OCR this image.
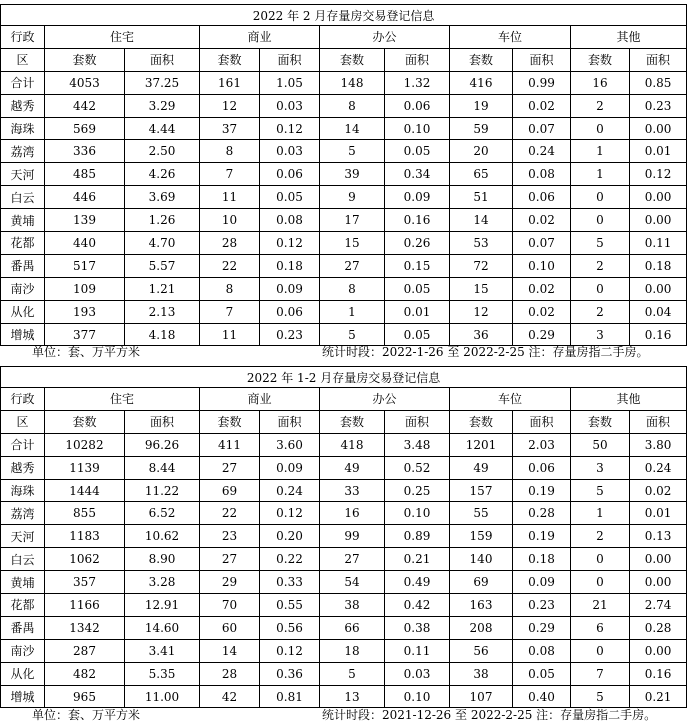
2022 年 2 月存量房交易登记信息										
行政	住宅		商业		办公		车位		其他	
区	套数	面积	套数	面积	套数	面积	套数	面积	套数	面积
合计	4053	37.25	161	1.05	148	1.32	416	0.99	16	0.85
越秀	442	3.29	12	0.03	8	0.06	19	0.02	2	0.23
海珠	569	4.44	37	0.12	14	0.10	59	0.07	0	0.00
荔湾	336	2.50	8	0.03	5	0.05	20	0.24	1	0.01
天河	485	4.26	7	0.06	39	0.34	65	0.08	1	0.12
白云	446	3.69	11	0.05	9	0.09	51	0.06	0	0.00
黄埔	139	1.26	10	0.08	17	0.16	14	0.02	0	0.00
花都	440	4.70	28	0.12	15	0.26	53	0.07	5	0.11
番禺	517	5.57	22	0.18	27	0.15	72	0.10	2	0.18
南沙	109	1.21	8	0.09	8	0.05	15	0.02	0	0.00
从化	193	2.13	7	0.06	1	0.01	12	0.02	2	0.04
增城	377	4.18	11	0.23	5	0.05	36	0.29	3	0.16
单位：套、万平方米	统计时段：2022-1-26 至 2022-2-25 注：存量房指二手房。
2022 年 1-2 月存量房交易登记信息										
行政	住宅		商业		办公		车位		其他	
区	套数	面积	套数	面积	套数	面积	套数	面积	套数	面积
合计	10282	96.26	411	3.60	418	3.48	1201	2.03	50	3.80
越秀	1139	8.44	27	0.09	49	0.52	49	0.06	3	0.24
海珠	1444	11.22	69	0.24	33	0.25	157	0.19	5	0.02
荔湾	855	6.52	22	0.12	16	0.10	55	0.28	1	0.01
天河	1183	10.62	23	0.20	99	0.89	159	0.19	2	0.13
白云	1062	8.90	27	0.22	27	0.21	140	0.18	0	0.00
黄埔	357	3.28	29	0.33	54	0.49	69	0.09	0	0.00
花都	1166	12.91	70	0.55	38	0.42	163	0.23	21	2.74
番禺	1342	14.60	60	0.56	66	0.38	208	0.29	6	0.28
南沙	287	3.41	14	0.12	18	0.11	56	0.08	0	0.00
从化	482	5.35	28	0.36	5	0.03	38	0.05	7	0.16
增城	965	11.00	42	0.81	13	0.10	107	0.40	5	0.21
单位：套、万平方米	统计时段：2021-12-26 至 2022-2-25 注：存量房指二手房。
